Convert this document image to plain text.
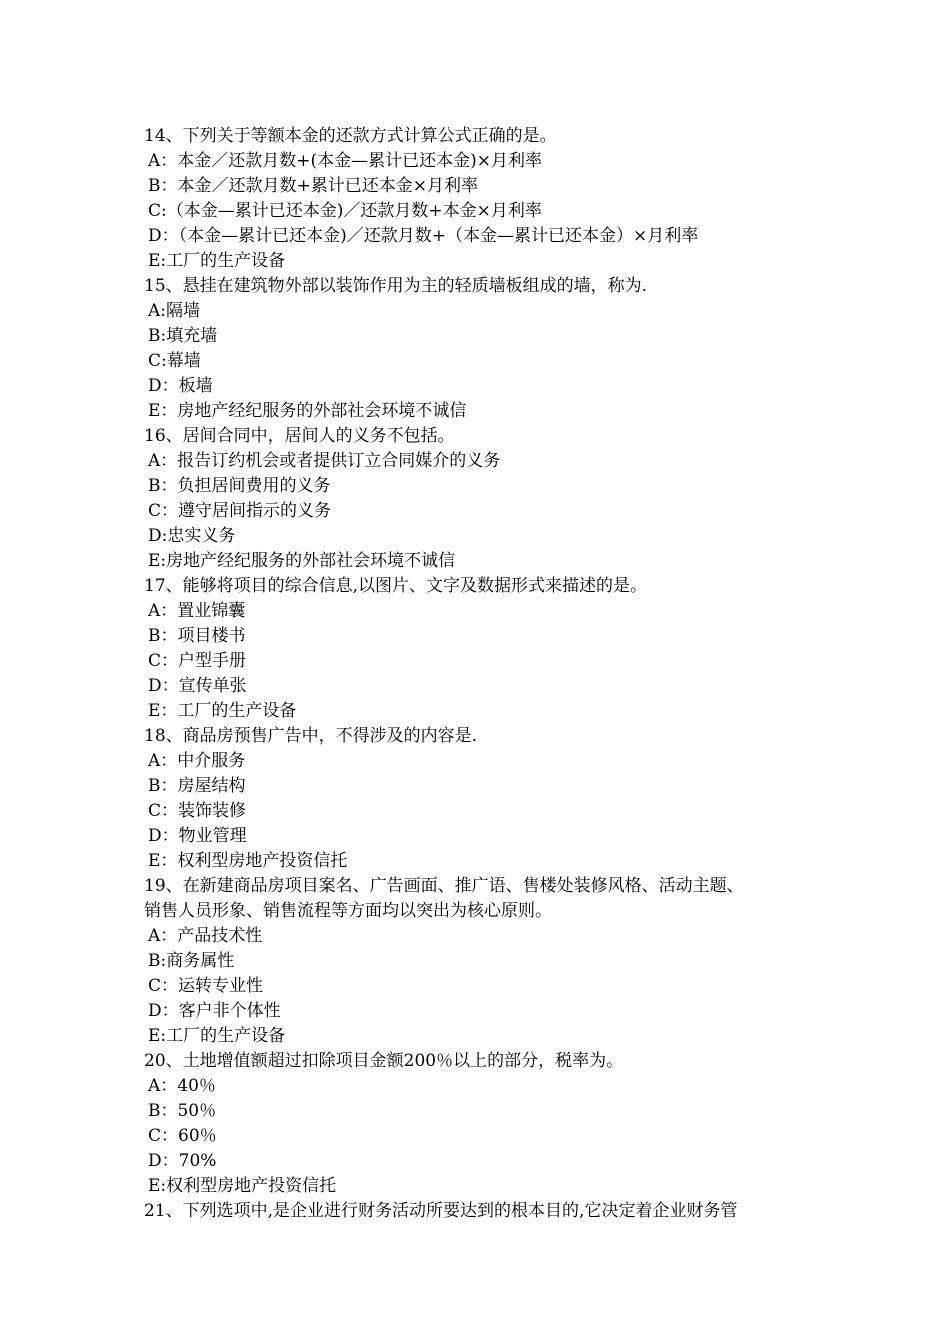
14、下列关于等额本金的还款方式计算公式正确的是。
A：本金／还款月数+(本金—累计已还本金)×月利率
B：本金／还款月数+累计已还本金×月利率
C:（本金—累计已还本金)／还款月数+本金×月利率
D：（本金—累计已还本金)／还款月数+（本金—累计已还本金）×月利率
E:工厂的生产设备
15、悬挂在建筑物外部以装饰作用为主的轻质墙板组成的墙，称为.
A:隔墙
B:填充墙
C:幕墙
D：板墙
E：房地产经纪服务的外部社会环境不诚信
16、居间合同中，居间人的义务不包括。
A：报告订约机会或者提供订立合同媒介的义务
B：负担居间费用的义务
C：遵守居间指示的义务
D:忠实义务
E:房地产经纪服务的外部社会环境不诚信
17、能够将项目的综合信息,以图片、文字及数据形式来描述的是。
A：置业锦囊
B：项目楼书
C：户型手册
D：宣传单张
E：工厂的生产设备
18、商品房预售广告中，不得涉及的内容是.
A：中介服务
B：房屋结构
C：装饰装修
D：物业管理
E：权利型房地产投资信托
19、在新建商品房项目案名、广告画面、推广语、售楼处装修风格、活动主题、
销售人员形象、销售流程等方面均以突出为核心原则。
A：产品技术性
B:商务属性
C：运转专业性
D：客户非个体性
E:工厂的生产设备
20、土地增值额超过扣除项目金额200％以上的部分，税率为。
A：40％
B：50％
C：60％
D：70%
E:权利型房地产投资信托
21、下列选项中,是企业进行财务活动所要达到的根本目的,它决定着企业财务管
